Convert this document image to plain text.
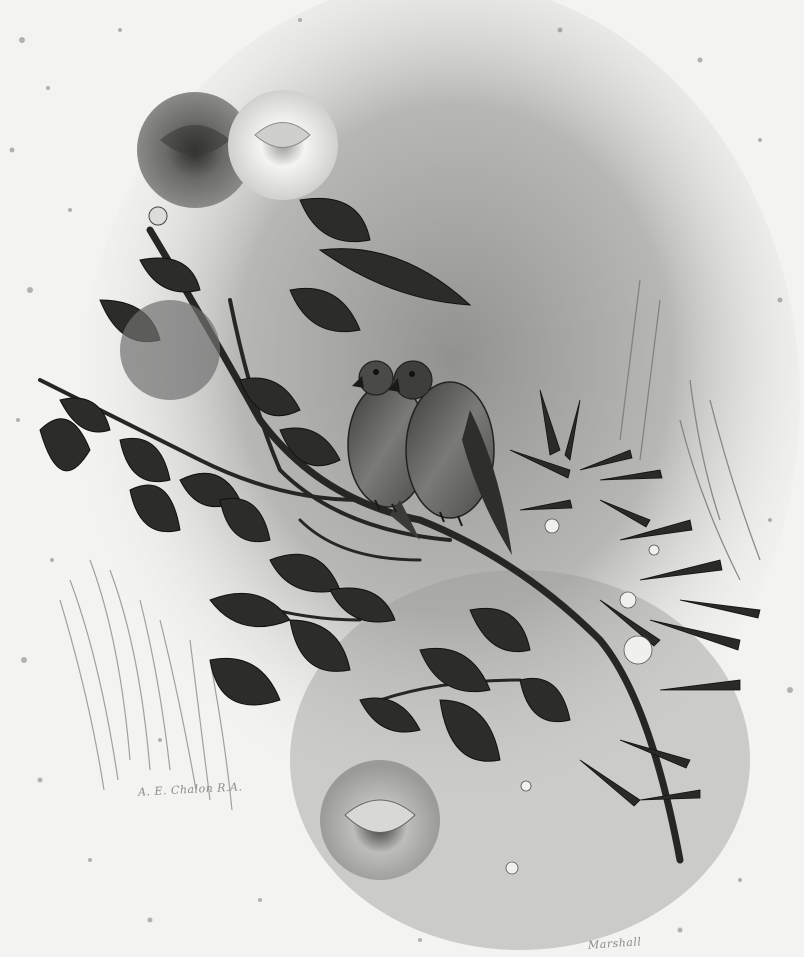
A. E. Chalon R.A.
Marshall
